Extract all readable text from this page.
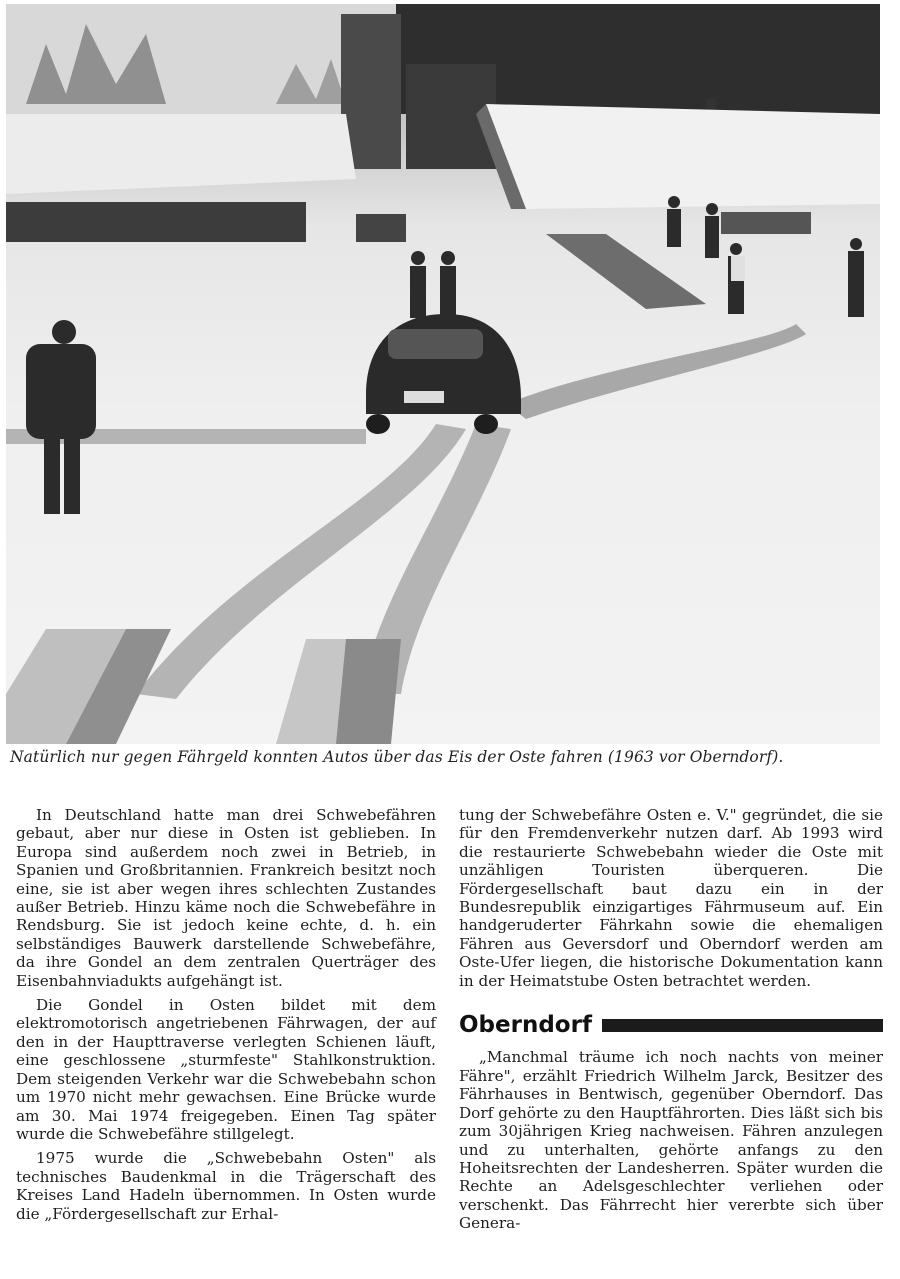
Natürlich nur gegen Fährgeld konnten Autos über das Eis der Oste fahren (1963 vor Oberndorf).

In Deutschland hatte man drei Schwebefähren gebaut, aber nur diese in Osten ist geblieben. In Europa sind außerdem noch zwei in Betrieb, in Spanien und Großbritannien. Frankreich besitzt noch eine, sie ist aber wegen ihres schlechten Zustandes außer Betrieb. Hinzu käme noch die Schwebefähre in Rendsburg. Sie ist jedoch keine echte, d. h. ein selbständiges Bauwerk darstellende Schwebefähre, da ihre Gondel an dem zentralen Querträger des Eisenbahnviadukts aufgehängt ist.

Die Gondel in Osten bildet mit dem elektromotorisch angetriebenen Fährwagen, der auf den in der Haupttraverse verlegten Schienen läuft, eine geschlossene „sturmfeste" Stahlkonstruktion. Dem steigenden Verkehr war die Schwebebahn schon um 1970 nicht mehr gewachsen. Eine Brücke wurde am 30. Mai 1974 freigegeben. Einen Tag später wurde die Schwebefähre stillgelegt.

1975 wurde die „Schwebebahn Osten" als technisches Baudenkmal in die Trägerschaft des Kreises Land Hadeln übernommen. In Osten wurde die „Fördergesellschaft zur Erhal-

tung der Schwebefähre Osten e. V." gegründet, die sie für den Fremdenverkehr nutzen darf. Ab 1993 wird die restaurierte Schwebebahn wieder die Oste mit unzähligen Touristen überqueren. Die Fördergesellschaft baut dazu ein in der Bundesrepublik einzigartiges Fährmuseum auf. Ein handgeruderter Fährkahn sowie die ehemaligen Fähren aus Geversdorf und Oberndorf werden am Oste-Ufer liegen, die historische Dokumentation kann in der Heimatstube Osten betrachtet werden.

Oberndorf

„Manchmal träume ich noch nachts von meiner Fähre", erzählt Friedrich Wilhelm Jarck, Besitzer des Fährhauses in Bentwisch, gegenüber Oberndorf. Das Dorf gehörte zu den Hauptfährorten. Dies läßt sich bis zum 30jährigen Krieg nachweisen. Fähren anzulegen und zu unterhalten, gehörte anfangs zu den Hoheitsrechten der Landesherren. Später wurden die Rechte an Adelsgeschlechter verliehen oder verschenkt. Das Fährrecht hier vererbte sich über Genera-
